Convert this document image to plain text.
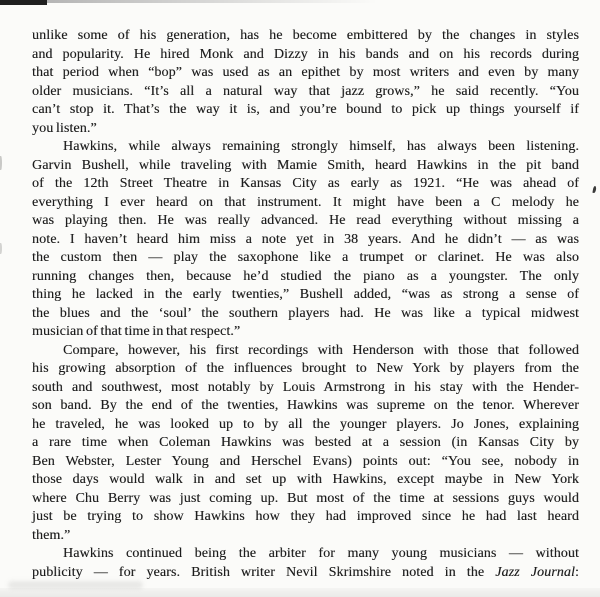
unlike some of his generation, has he become embittered by the changes in styles
and popularity. He hired Monk and Dizzy in his bands and on his records during
that period when “bop” was used as an epithet by most writers and even by many
older musicians. “It’s all a natural way that jazz grows,” he said recently. “You
can’t stop it. That’s the way it is, and you’re bound to pick up things yourself if
you listen.”
Hawkins, while always remaining strongly himself, has always been listening.
Garvin Bushell, while traveling with Mamie Smith, heard Hawkins in the pit band
of the 12th Street Theatre in Kansas City as early as 1921. “He was ahead of
everything I ever heard on that instrument. It might have been a C melody he
was playing then. He was really advanced. He read everything without missing a
note. I haven’t heard him miss a note yet in 38 years. And he didn’t — as was
the custom then — play the saxophone like a trumpet or clarinet. He was also
running changes then, because he’d studied the piano as a youngster. The only
thing he lacked in the early twenties,” Bushell added, “was as strong a sense of
the blues and the ‘soul’ the southern players had. He was like a typical midwest
musician of that time in that respect.”
Compare, however, his first recordings with Henderson with those that followed
his growing absorption of the influences brought to New York by players from the
south and southwest, most notably by Louis Armstrong in his stay with the Hender-
son band. By the end of the twenties, Hawkins was supreme on the tenor. Wherever
he traveled, he was looked up to by all the younger players. Jo Jones, explaining
a rare time when Coleman Hawkins was bested at a session (in Kansas City by
Ben Webster, Lester Young and Herschel Evans) points out: “You see, nobody in
those days would walk in and set up with Hawkins, except maybe in New York
where Chu Berry was just coming up. But most of the time at sessions guys would
just be trying to show Hawkins how they had improved since he had last heard
them.”
Hawkins continued being the arbiter for many young musicians — without
publicity — for years. British writer Nevil Skrimshire noted in the Jazz Journal:
